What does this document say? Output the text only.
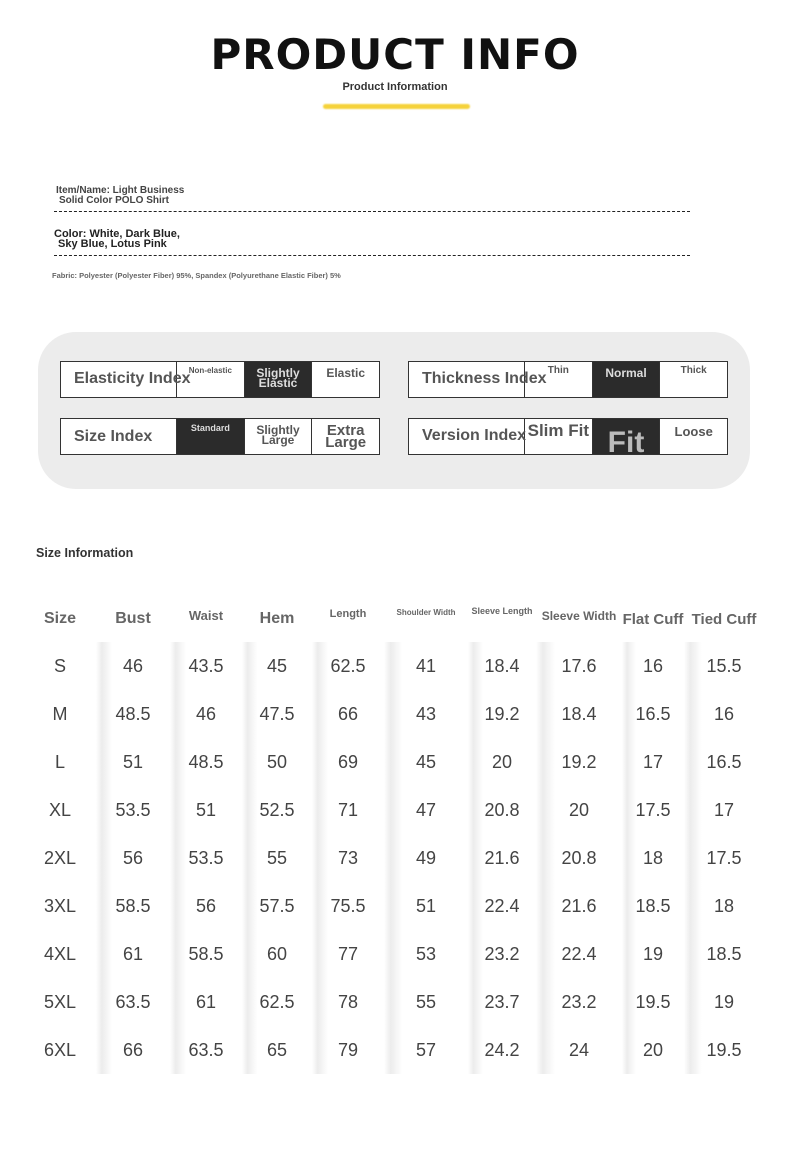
PRODUCT INFO
Product Information
Item/Name: Light Business
Solid Color POLO Shirt
Color: White, Dark Blue,
Sky Blue, Lotus Pink
Fabric: Polyester (Polyester Fiber) 95%, Spandex (Polyurethane Elastic Fiber) 5%
Elasticity Index
Non-elastic	Slightly Elastic
Elastic	Thickness Index Thin	Normal	Thick
Size Index	Standard	Slightly Large
Extra Large	Version Index Slim Fit Fit	Loose
Size Information
Size	Bust	Waist	Hem	Length	Shoulder Width	Sleeve Length	Sleeve Width	Flat Cuff	Tied Cuff
S	46	43.5	45	62.5	41	18.4	17.6	16	15.5
M	48.5	46	47.5	66	43	19.2	18.4	16.5	16
L	51	48.5	50	69	45	20	19.2	17	16.5
XL	53.5	51	52.5	71	47	20.8	20	17.5	17
2XL	56	53.5	55	73	49	21.6	20.8	18	17.5
3XL	58.5	56	57.5	75.5	51	22.4	21.6	18.5	18
4XL	61	58.5	60	77	53	23.2	22.4	19	18.5
5XL	63.5	61	62.5	78	55	23.7	23.2	19.5	19
6XL	66	63.5	65	79	57	24.2	24	20	19.5
